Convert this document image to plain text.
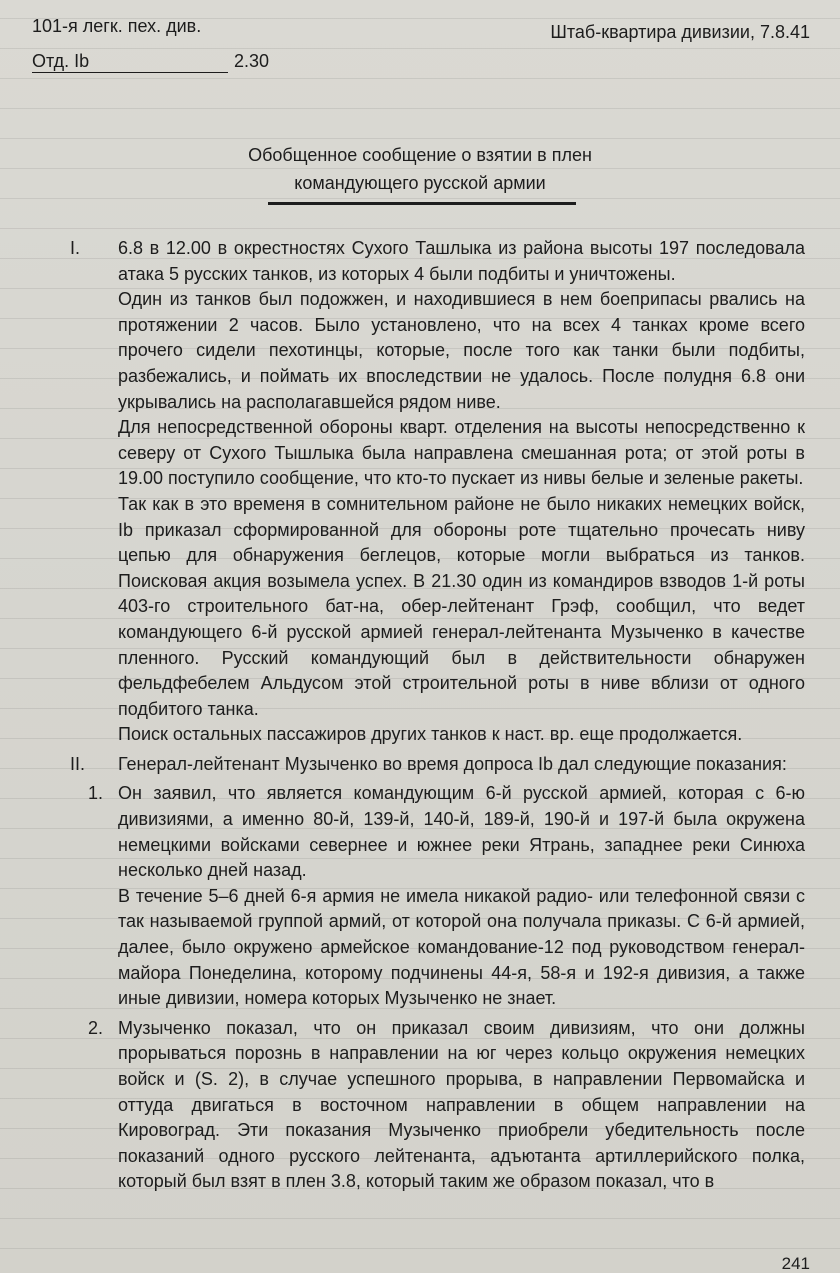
101-я легк. пех. див.	Штаб-квартира дивизии, 7.8.41
Отд. Ib	2.30
Обобщенное сообщение о взятии в плен
командующего русской армии
I. 6.8 в 12.00 в окрестностях Сухого Ташлыка из района высоты 197 последовала атака 5 русских танков, из которых 4 были подбиты и уничтожены.

Один из танков был подожжен, и находившиеся в нем боеприпасы рвались на протяжении 2 часов. Было установлено, что на всех 4 танках кроме всего прочего сидели пехотинцы, которые, после того как танки были подбиты, разбежались, и поймать их впоследствии не удалось. После полудня 6.8 они укрывались на располагавшейся рядом ниве.

Для непосредственной обороны кварт. отделения на высоты непосредственно к северу от Сухого Тышлыка была направлена смешанная рота; от этой роты в 19.00 поступило сообщение, что кто-то пускает из нивы белые и зеленые ракеты.

Так как в это временя в сомнительном районе не было никаких немецких войск, Ib приказал сформированной для обороны роте тщательно прочесать ниву цепью для обнаружения беглецов, которые могли выбраться из танков. Поисковая акция возымела успех. В 21.30 один из командиров взводов 1-й роты 403-го строительного бат-на, обер-лейтенант Грэф, сообщил, что ведет командующего 6-й русской армией генерал-лейтенанта Музыченко в качестве пленного. Русский командующий был в действительности обнаружен фельдфебелем Альдусом этой строительной роты в ниве вблизи от одного подбитого танка.

Поиск остальных пассажиров других танков к наст. вр. еще продолжается.

II. Генерал-лейтенант Музыченко во время допроса Ib дал следующие показания:

1. Он заявил, что является командующим 6-й русской армией, которая с 6-ю дивизиями, а именно 80-й, 139-й, 140-й, 189-й, 190-й и 197-й была окружена немецкими войсками севернее и южнее реки Ятрань, западнее реки Синюха несколько дней назад.

В течение 5–6 дней 6-я армия не имела никакой радио- или телефонной связи с так называемой группой армий, от которой она получала приказы. С 6-й армией, далее, было окружено армейское командование-12 под руководством генерал-майора Понеделина, которому подчинены 44-я, 58-я и 192-я дивизия, а также иные дивизии, номера которых Музыченко не знает.

2. Музыченко показал, что он приказал своим дивизиям, что они должны прорываться порознь в направлении на юг через кольцо окружения немецких войск и (S. 2), в случае успешного прорыва, в направлении Первомайска и оттуда двигаться в восточном направлении в общем направлении на Кировоград. Эти показания Музыченко приобрели убедительность после показаний одного русского лейтенанта, адъютанта артиллерийского полка, который был взят в плен 3.8, который таким же образом показал, что в

241
